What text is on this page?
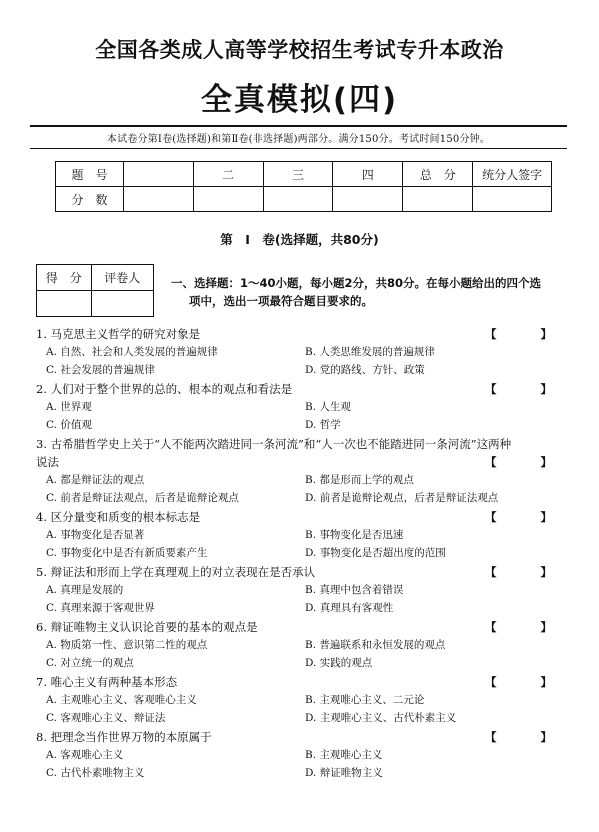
全国各类成人高等学校招生考试专升本政治
全真模拟(四)
本试卷分第Ⅰ卷(选择题)和第Ⅱ卷(非选择题)两部分。满分150分。考试时间150分钟。
题　号		二	三	四	总　分	统分人签字
分　数						
第　Ⅰ　卷(选择题，共80分)
得　分	评卷人
		一、选择题：1～40小题，每小题2分，共80分。在每小题给出的四个选
项中，选出一项最符合题目要求的。
1. 马克思主义哲学的研究对象是	【 】
A. 自然、社会和人类发展的普遍规律	B. 人类思维发展的普遍规律
C. 社会发展的普遍规律	D. 党的路线、方针、政策
2. 人们对于整个世界的总的、根本的观点和看法是	【 】
A. 世界观	B. 人生观
C. 价值观	D. 哲学
3. 古希腊哲学史上关于“人不能两次踏进同一条河流”和“人一次也不能踏进同一条河流”这两种
说法	【 】
A. 都是辩证法的观点	B. 都是形而上学的观点
C. 前者是辩证法观点，后者是诡辩论观点	D. 前者是诡辩论观点，后者是辩证法观点
4. 区分量变和质变的根本标志是	【 】
A. 事物变化是否显著	B. 事物变化是否迅速
C. 事物变化中是否有新质要素产生	D. 事物变化是否超出度的范围
5. 辩证法和形而上学在真理观上的对立表现在是否承认	【 】
A. 真理是发展的	B. 真理中包含着错误
C. 真理来源于客观世界	D. 真理具有客观性
6. 辩证唯物主义认识论首要的基本的观点是	【 】
A. 物质第一性、意识第二性的观点	B. 普遍联系和永恒发展的观点
C. 对立统一的观点	D. 实践的观点
7. 唯心主义有两种基本形态	【 】
A. 主观唯心主义、客观唯心主义	B. 主观唯心主义、二元论
C. 客观唯心主义、辩证法	D. 主观唯心主义、古代朴素主义
8. 把理念当作世界万物的本原属于	【 】
A. 客观唯心主义	B. 主观唯心主义
C. 古代朴素唯物主义	D. 辩证唯物主义
